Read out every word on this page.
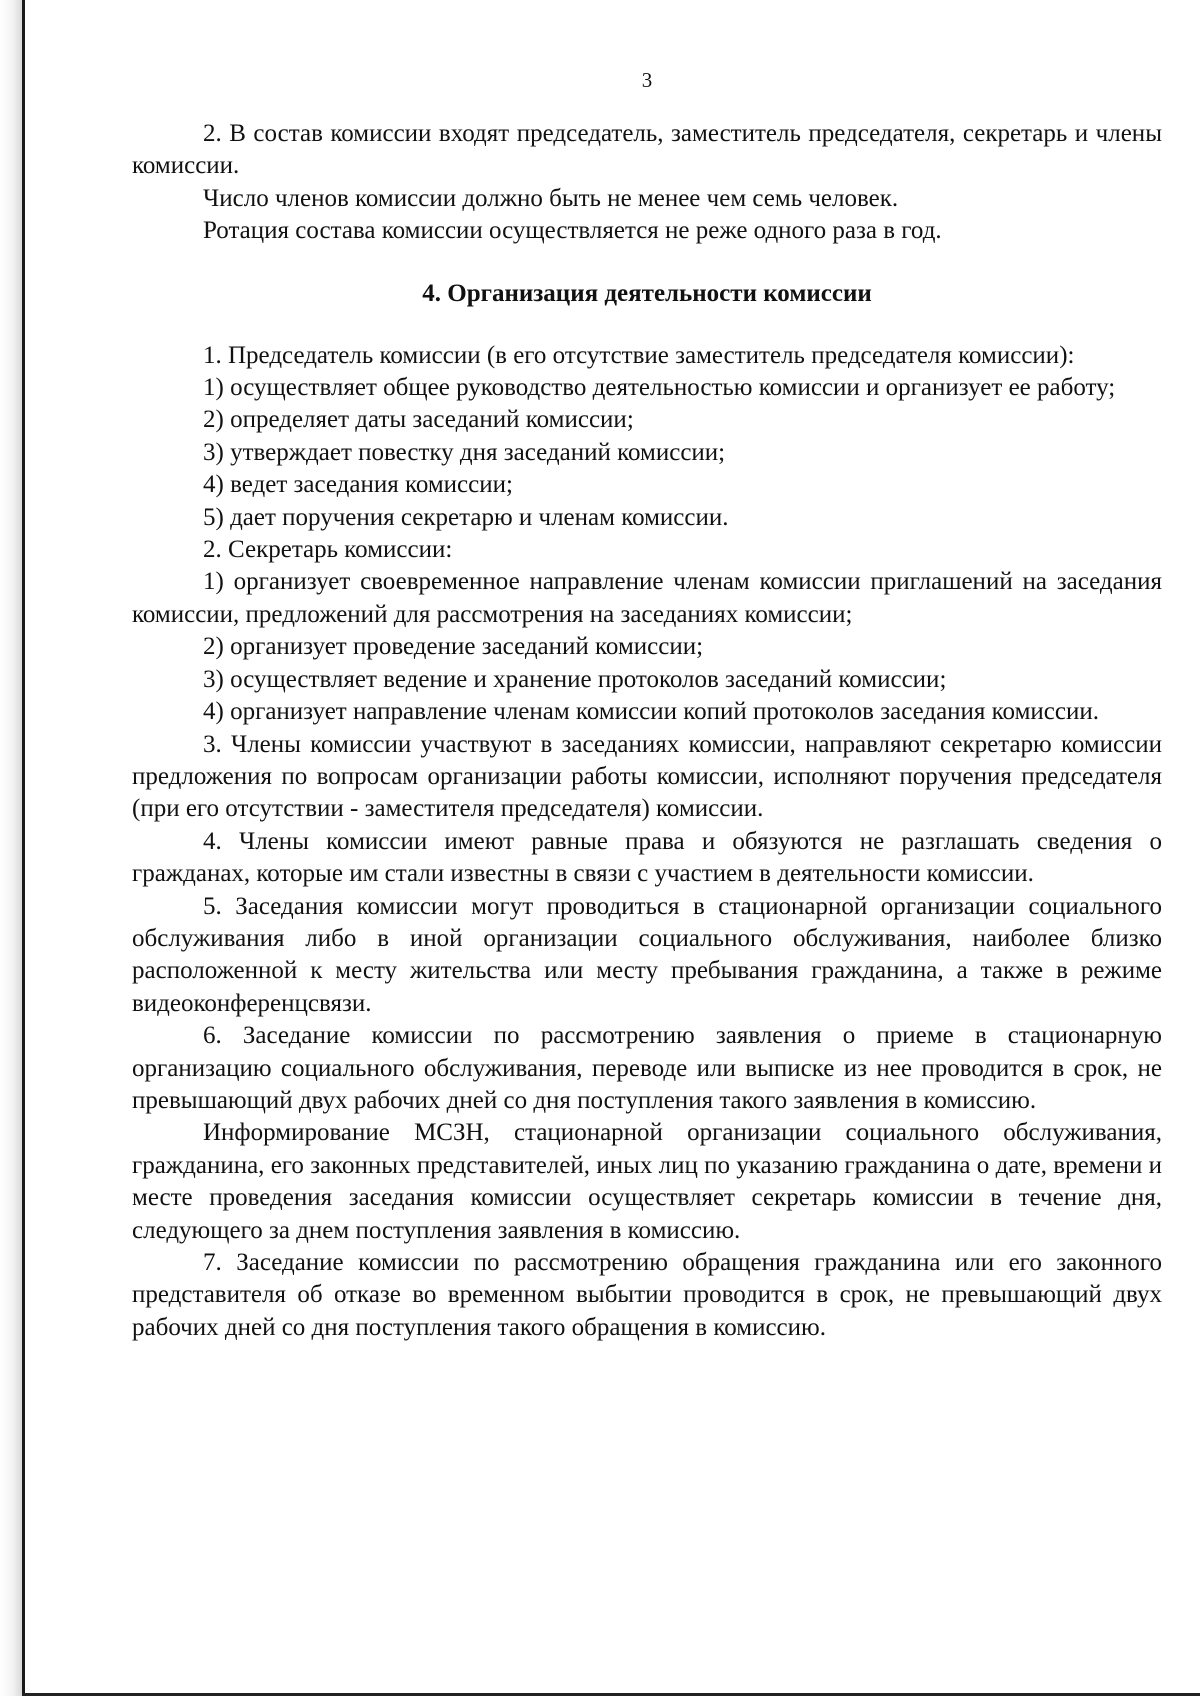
3

2. В состав комиссии входят председатель, заместитель председателя, секретарь и члены комиссии.

Число членов комиссии должно быть не менее чем семь человек.

Ротация состава комиссии осуществляется не реже одного раза в год.

4. Организация деятельности комиссии

1. Председатель комиссии (в его отсутствие заместитель председателя комиссии):

1) осуществляет общее руководство деятельностью комиссии и организует ее работу;

2) определяет даты заседаний комиссии;

3) утверждает повестку дня заседаний комиссии;

4) ведет заседания комиссии;

5) дает поручения секретарю и членам комиссии.

2. Секретарь комиссии:

1) организует своевременное направление членам комиссии приглашений на заседания комиссии, предложений для рассмотрения на заседаниях комиссии;

2) организует проведение заседаний комиссии;

3) осуществляет ведение и хранение протоколов заседаний комиссии;

4) организует направление членам комиссии копий протоколов заседания комиссии.

3. Члены комиссии участвуют в заседаниях комиссии, направляют секретарю комиссии предложения по вопросам организации работы комиссии, исполняют поручения председателя (при его отсутствии - заместителя председателя) комиссии.

4. Члены комиссии имеют равные права и обязуются не разглашать сведения о гражданах, которые им стали известны в связи с участием в деятельности комиссии.

5. Заседания комиссии могут проводиться в стационарной организации социального обслуживания либо в иной организации социального обслуживания, наиболее близко расположенной к месту жительства или месту пребывания гражданина, а также в режиме видеоконференцсвязи.

6. Заседание комиссии по рассмотрению заявления о приеме в стационарную организацию социального обслуживания, переводе или выписке из нее проводится в срок, не превышающий двух рабочих дней со дня поступления такого заявления в комиссию.

Информирование МСЗН, стационарной организации социального обслуживания, гражданина, его законных представителей, иных лиц по указанию гражданина о дате, времени и месте проведения заседания комиссии осуществляет секретарь комиссии в течение дня, следующего за днем поступления заявления в комиссию.

7. Заседание комиссии по рассмотрению обращения гражданина или его законного представителя об отказе во временном выбытии проводится в срок, не превышающий двух рабочих дней со дня поступления такого обращения в комиссию.
